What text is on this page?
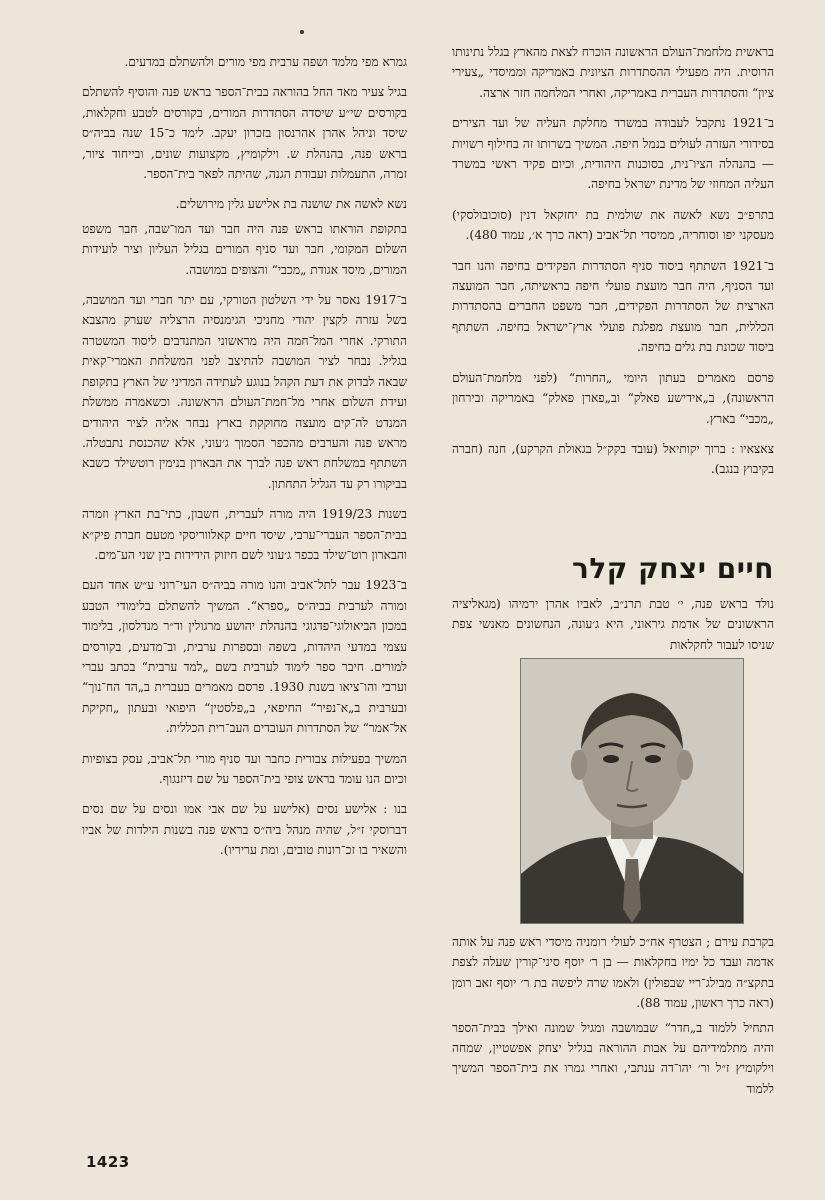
בראשית מלחמת־העולם הראשונה הוכרח לצאת מהארץ בגלל נתינותו הרוסית. היה מפעילי ההסתדרות הציונית באמריקה וממיסדי „צעירי ציון“ והסתדרות העברית באמריקה, ואחרי המלחמה חזר ארצה.

ב־1921 נתקבל לעבודה במשרד מחלקת העליה של ועד הצירים בסידורי העזרה לעולים בנמל חיפה. המשיך בשרותו זה בחילוף רשויות — בהנהלה הציו־נית, בסוכנות היהודית, וכיום פקיד ראשי במשרד העליה המחוזי של מדינת ישראל בחיפה.

בתרפ״ב נשא לאשה את שולמית בת יחזקאל דנין (סוכובולסקי) מעסקני יפו וסוחריה, ממיסדי תל־אביב (ראה כרך א׳, עמוד 480).

ב־1921 השתתף ביסוד סניף הסתדרות הפקידים בחיפה והנו חבר ועד הסניף, היה חבר מועצת פועלי חיפה בראשיתה, חבר המועצה הארצית של הסתדרות הפקידים, חבר משפט החברים בהסתדרות הכללית, חבר מועצת מפלגת פועלי ארץ־ישראל בחיפה. השתתף ביסוד שכונת בת גלים בחיפה.

פרסם מאמרים בעתון היומי „החרות“ (לפני מלחמת־העולם הראשונה), ב„אידישע פאלק“ וב„פארן פאלק“ באמריקה ובירחון „מכבי“ בארץ.

צאצאיו : ברוך יקותיאל (עובד בקק״ל בגאולת הקרקע), חנה (חברה בקיבוץ בנגב).

חיים יצחק קלר

נולד בראש פנה, י׳ טבת תרנ״ב, לאביו אהרן ירמיהו (מגאליציה הראשונים של אדמת גיראוני, היא ג׳עונה, הנחשונים מאנשי צפת שניסו לעבור לחקלאות

בקרבת עירם ; הצטרף אח״כ לעולי רומניה מיסדי ראש פנה על אותה אדמה ועבד כל ימיו בחקלאות — בן ר׳ יוסף סיני־קורין שעלה לצפת בתקצ״ה מבילג־ריי שבפולין) ולאמו שרה ליפשה בת ר׳ יוסף זאב רומן (ראה כרך ראשון, עמוד 88).

התחיל ללמוד ב„חדר“ שבמושבה ומגיל שמונה ואילך בבית־הספר והיה מתלמידיהם על אבות ההוראה בגליל יצחק אפשטיין, שמחה וילקומיץ ז״ל ור׳ יהו־דה ענתבי, ואחרי גמרו את בית־הספר המשיך ללמוד

גמרא מפי מלמד ושפה ערבית מפי מורים ולהשתלם במדעים.

בגיל צעיר מאד החל בהוראה בבית־הספר בראש פנה והוסיף להשתלם בקורסים שי״ע שיסדה הסתדרות המורים, בקורסים לטבע וחקלאות, שיסד וניהל אהרן אהרנסון בזכרון יעקב. לימד כ־15 שנה בביה״ס בראש פנה, בהנהלת ש. וילקומיץ, מקצועות שונים, ובייחוד ציור, זמרה, התעמלות ועבודת הגנה, שהיתה לפאר בית־הספר.

נשא לאשה את שושנה בת אלישע גלין מירושלים.

בתקופת הוראתו בראש פנה היה חבר ועד המו־שבה, חבר משפט השלום המקומי, חבר ועד סניף המורים בגליל העליון וציר לועידות המורים, מיסד אגודת „מכבי“ והצופים במושבה.

ב־1917 נאסר על ידי השלטון הטורקי, עם יתר חברי ועד המושבה, בשל עזרה לקצין יהודי מחניכי הגימנסיה הרצליה שערק מהצבא התורקי. אחרי המל־חמה היה מראשוני המתנדבים ליסוד המשטרה בגליל. נבחר לציר המושבה להתיצב לפני המשלחת האמרי־קאית שבאה לבדוק את דעת הקהל בנוגע לעתידה המדיני של הארץ בתקופת ועידת השלום אחרי מל־חמת־העולם הראשונה. וכשאמרה ממשלת המנדט לה־קים מועצה מחוקקת בארץ נבחר אליה לציר היהודים מראש פנה והערבים מהכפר הסמוך ג׳עוני, אלא שהכנסת נתבטלה. השתתף במשלחת ראש פנה לברך את הבארון בנימין רוטשילד כשבא בביקורו רק עד הגליל התחתון.

בשנות 1919/23 היה מורה לעברית, חשבון, כתי־בת הארץ וזמרה בבית־הספר העברי־ערבי, שיסד חיים קאלווריסקי מטעם חברת פיק״א והבארון רוט־שילד בכפר ג׳עוני לשם חיזוק הידידות בין שני הע־מים.

ב־1923 עבר לתל־אביב והנו מורה בביה״ס העי־רוני ע״ש אחד העם ומורה לערבית בביה״ס „ספרא“. המשיך להשתלם בלימודי הטבע במכון הביאולוגי־פדגוגי בהנהלת יהושע מרגולין וד״ר מנדלסון, בלימוד עצמי במדעי היהדות, בשפה ובספרות ערבית, וב־מדעים, בקורסים למורים. חיבר ספר לימוד לערבית בשם „למד ערבית“ בכתב עברי וערבי והו־ציאו בשנת 1930. פרסם מאמרים בעברית ב„הד הח־נוך“ ובערבית ב„א־נפיר“ החיפאי, ב„פלסטין“ היפואי ובעתון „חקיקת אל־אמר“ של הסתדרות העובדים העב־רית הכללית.

המשיך בפעילות צבורית כחבר ועד סניף מורי תל־אביב, עסק בצופיות וכיום הנו עומד בראש צופי בית־הספר על שם דיזנגוף.

בנו : אלישע נסים (אלישע על שם אבי אמו ונסים על שם נסים דברוסקי ז״ל, שהיה מנהל ביה״ס בראש פנה בשנות הילדות של אביו והשאיר בו זכ־רונות טובים, ומת עריריו).

1423
